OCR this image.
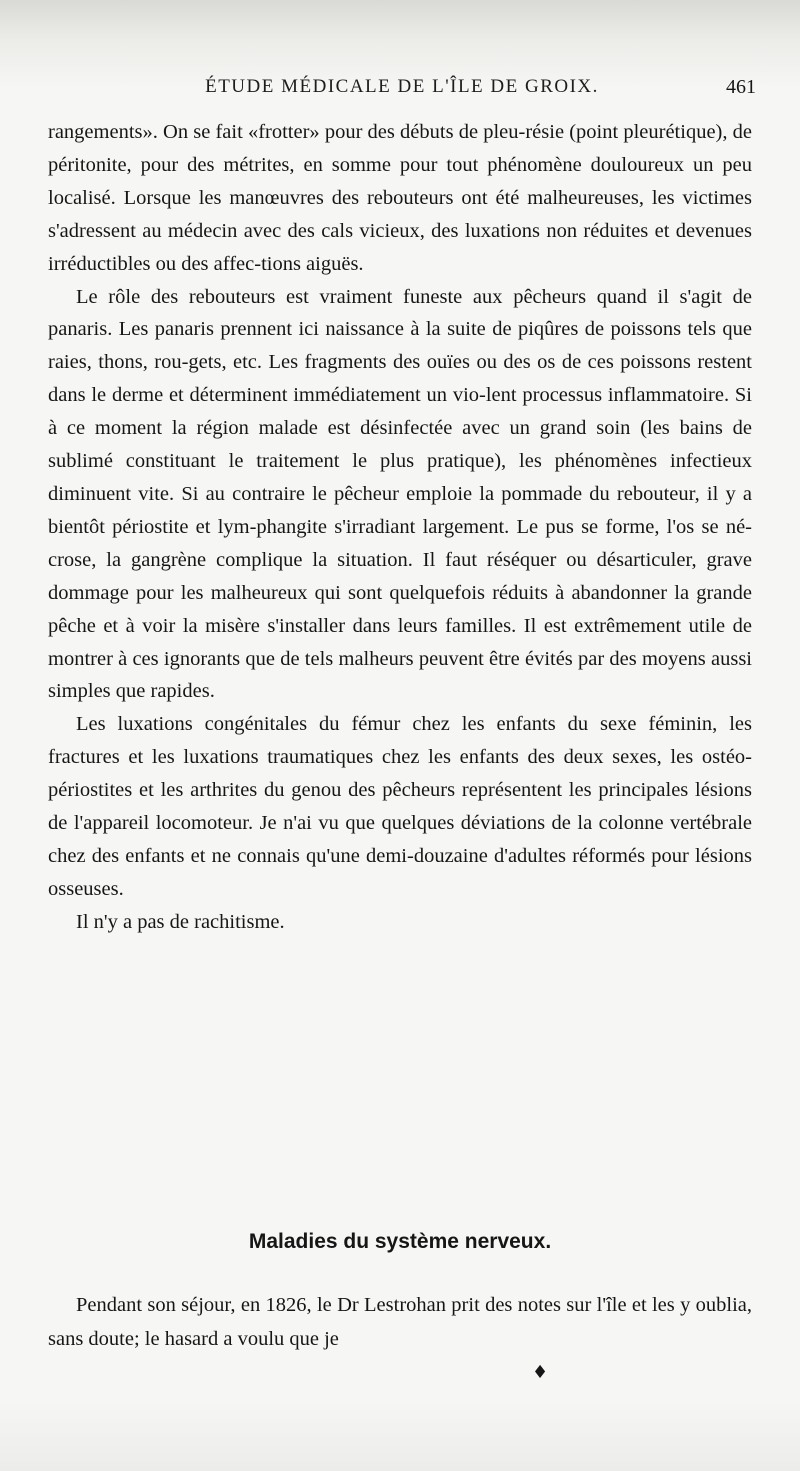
ÉTUDE MÉDICALE DE L'ÎLE DE GROIX.	461

rangements». On se fait «frotter» pour des débuts de pleu-résie (point pleurétique), de péritonite, pour des métrites, en somme pour tout phénomène douloureux un peu localisé. Lorsque les manœuvres des rebouteurs ont été malheureuses, les victimes s'adressent au médecin avec des cals vicieux, des luxations non réduites et devenues irréductibles ou des affec-tions aiguës.

Le rôle des rebouteurs est vraiment funeste aux pêcheurs quand il s'agit de panaris. Les panaris prennent ici naissance à la suite de piqûres de poissons tels que raies, thons, rou-gets, etc. Les fragments des ouïes ou des os de ces poissons restent dans le derme et déterminent immédiatement un vio-lent processus inflammatoire. Si à ce moment la région malade est désinfectée avec un grand soin (les bains de sublimé constituant le traitement le plus pratique), les phénomènes infectieux diminuent vite. Si au contraire le pêcheur emploie la pommade du rebouteur, il y a bientôt périostite et lym-phangite s'irradiant largement. Le pus se forme, l'os se né-crose, la gangrène complique la situation. Il faut réséquer ou désarticuler, grave dommage pour les malheureux qui sont quelquefois réduits à abandonner la grande pêche et à voir la misère s'installer dans leurs familles. Il est extrêmement utile de montrer à ces ignorants que de tels malheurs peuvent être évités par des moyens aussi simples que rapides.

Les luxations congénitales du fémur chez les enfants du sexe féminin, les fractures et les luxations traumatiques chez les enfants des deux sexes, les ostéo-périostites et les arthrites du genou des pêcheurs représentent les principales lésions de l'appareil locomoteur. Je n'ai vu que quelques déviations de la colonne vertébrale chez des enfants et ne connais qu'une demi-douzaine d'adultes réformés pour lésions osseuses.

Il n'y a pas de rachitisme.

Maladies du système nerveux.
Pendant son séjour, en 1826, le Dr Lestrohan prit des notes sur l'île et les y oublia, sans doute; le hasard a voulu que je
♦
